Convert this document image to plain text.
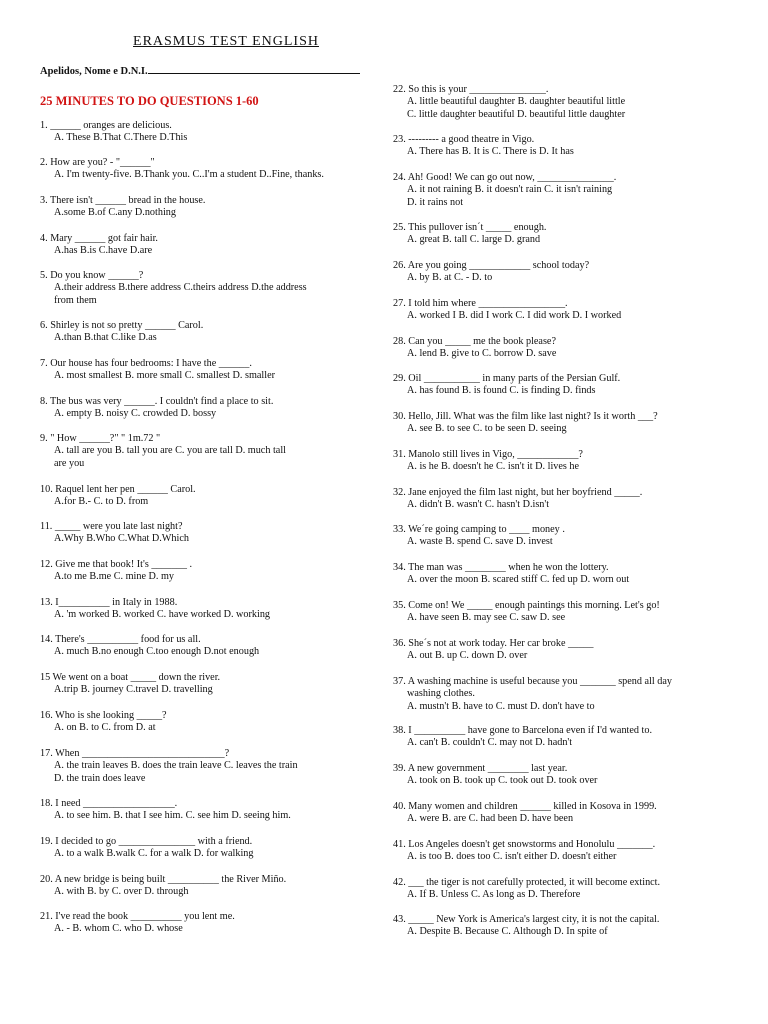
ERASMUS TEST ENGLISH
Apelidos, Nome e D.N.I.
25 MINUTES TO DO QUESTIONS 1-60
1. ______ oranges are delicious.
A. These B.That C.There D.This
2. How are you? - "______"
A. I'm twenty-five. B.Thank you. C..I'm a student D..Fine, thanks.
3. There isn't ______ bread in the house.
A.some B.of C.any D.nothing
4. Mary ______ got fair hair.
A.has B.is C.have D.are
5. Do you know ______?
A.their address B.there address C.theirs address D.the address
from them
6. Shirley is not so pretty ______ Carol.
A.than B.that C.like D.as
7. Our house has four bedrooms: I have the ______.
A. most smallest B. more small C. smallest D. smaller
8. The bus was very ______. I couldn't find a place to sit.
A. empty B. noisy C. crowded D. bossy
9. " How ______?" " 1m.72 "
A. tall are you B. tall you are C. you are tall D. much tall
are you
10. Raquel lent her pen ______ Carol.
A.for B.- C. to D. from
11. _____ were you late last night?
A.Why B.Who C.What D.Which
12. Give me that book! It's _______ .
A.to me B.me C. mine D. my
13. I__________ in Italy in 1988.
A. 'm worked B. worked C. have worked D. working
14. There's __________ food for us all.
A. much B.no enough C.too enough D.not enough
15 We went on a boat _____ down the river.
A.trip B. journey C.travel D. travelling
16. Who is she looking _____?
A. on B. to C. from D. at
17. When ____________________________?
A. the train leaves B. does the train leave C. leaves the train
D. the train does leave
18. I need __________________.
A. to see him. B. that I see him. C. see him D. seeing him.
19. I decided to go _______________ with a friend.
A. to a walk B.walk C. for a walk D. for walking
20. A new bridge is being built __________ the River Miño.
A. with B. by C. over D. through
21. I've read the book __________ you lent me.
A. - B. whom C. who D. whose
22. So this is your _______________.
A. little beautiful daughter B. daughter beautiful little
C. little daughter beautiful D. beautiful little daughter
23. --------- a good theatre in Vigo.
A. There has B. It is C. There is D. It has
24. Ah! Good! We can go out now, _______________.
A. it not raining B. it doesn't rain C. it isn't raining
D. it rains not
25. This pullover isn´t _____ enough.
A. great B. tall C. large D. grand
26. Are you going ____________ school today?
A. by B. at C. - D. to
27. I told him where _________________.
A. worked I B. did I work C. I did work D. I worked
28. Can you _____ me the book please?
A. lend B. give to C. borrow D. save
29. Oil ___________ in many parts of the Persian Gulf.
A. has found B. is found C. is finding D. finds
30. Hello, Jill. What was the film like last night? Is it worth ___?
A. see B. to see C. to be seen D. seeing
31. Manolo still lives in Vigo, ____________?
A. is he B. doesn't he C. isn't it D. lives he
32. Jane enjoyed the film last night, but her boyfriend _____.
A. didn't B. wasn't C. hasn't D.isn't
33. We´re going camping to ____ money .
A. waste B. spend C. save D. invest
34. The man was ________ when he won the lottery.
A. over the moon B. scared stiff C. fed up D. worn out
35. Come on! We _____ enough paintings this morning. Let's go!
A. have seen B. may see C. saw D. see
36. She´s not at work today. Her car broke _____
A. out B. up C. down D. over
37. A washing machine is useful because you _______ spend all day
washing clothes.
A. mustn't B. have to C. must D. don't have to
38. I __________ have gone to Barcelona even if I'd wanted to.
A. can't B. couldn't C. may not D. hadn't
39. A new government ________ last year.
A. took on B. took up C. took out D. took over
40. Many women and children ______ killed in Kosova in 1999.
A. were B. are C. had been D. have been
41. Los Angeles doesn't get snowstorms and Honolulu _______.
A. is too B. does too C. isn't either D. doesn't either
42. ___ the tiger is not carefully protected, it will become extinct.
A. If B. Unless C. As long as D. Therefore
43. _____ New York is America's largest city, it is not the capital.
A. Despite B. Because C. Although D. In spite of
